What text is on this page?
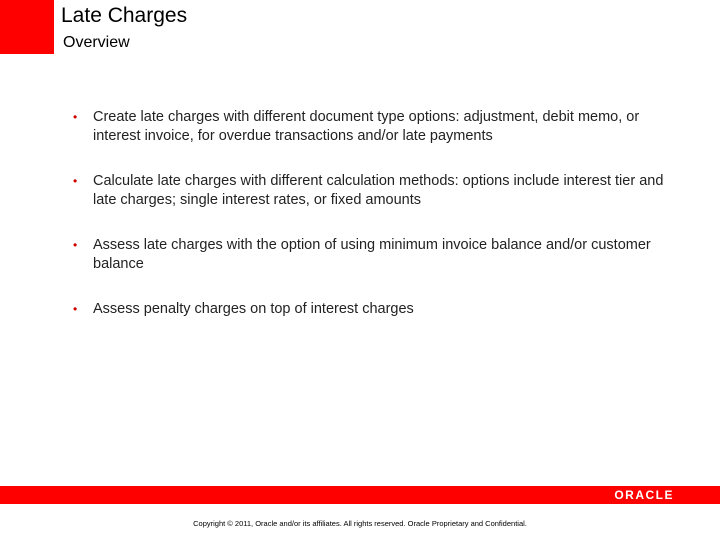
Late Charges
Overview
• Create late charges with different document type options: adjustment, debit memo, or interest invoice, for overdue transactions and/or late payments
• Calculate late charges with different calculation methods: options include interest tier and late charges; single interest rates, or fixed amounts
• Assess late charges with the option of using minimum invoice balance and/or customer balance
• Assess penalty charges on top of interest charges
ORACLE
Copyright © 2011, Oracle and/or its affiliates. All rights reserved. Oracle Proprietary and Confidential.
